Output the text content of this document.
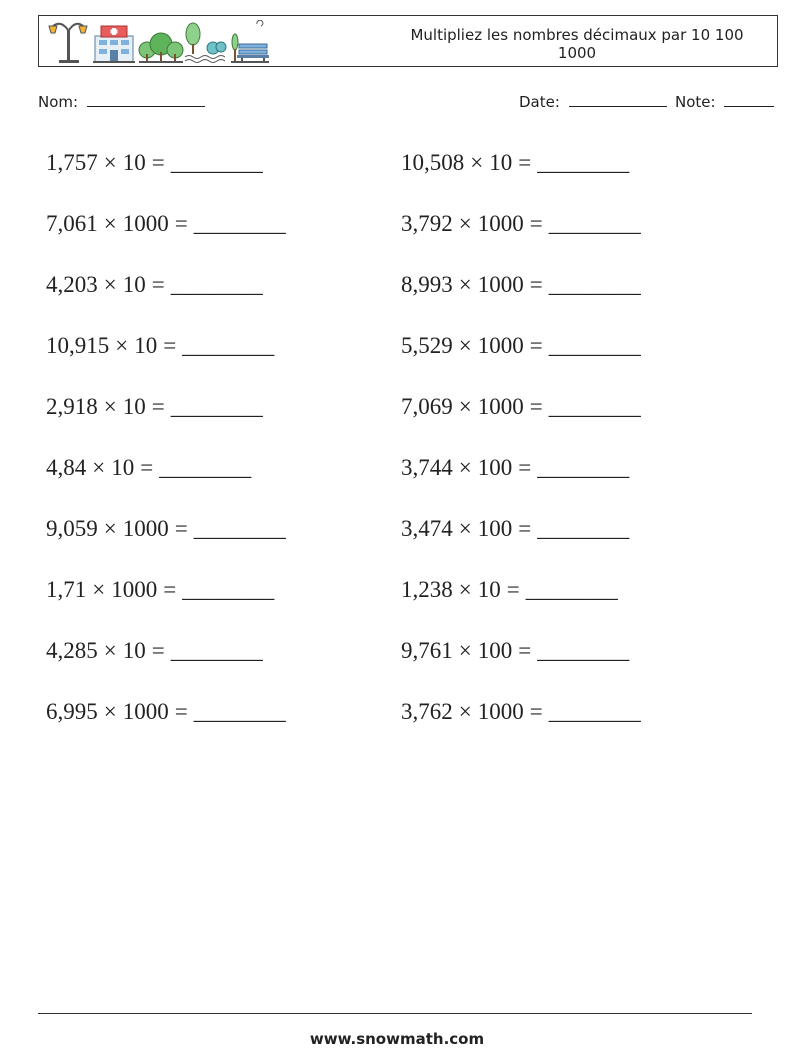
Multipliez les nombres décimaux par 10 100 1000
Nom:	Date:	Note:
1,757 × 10 = ________	10,508 × 10 = ________
7,061 × 1000 = ________	3,792 × 1000 = ________
4,203 × 10 = ________	8,993 × 1000 = ________
10,915 × 10 = ________	5,529 × 1000 = ________
2,918 × 10 = ________	7,069 × 1000 = ________
4,84 × 10 = ________	3,744 × 100 = ________
9,059 × 1000 = ________	3,474 × 100 = ________
1,71 × 1000 = ________	1,238 × 10 = ________
4,285 × 10 = ________	9,761 × 100 = ________
6,995 × 1000 = ________	3,762 × 1000 = ________
www.snowmath.com
